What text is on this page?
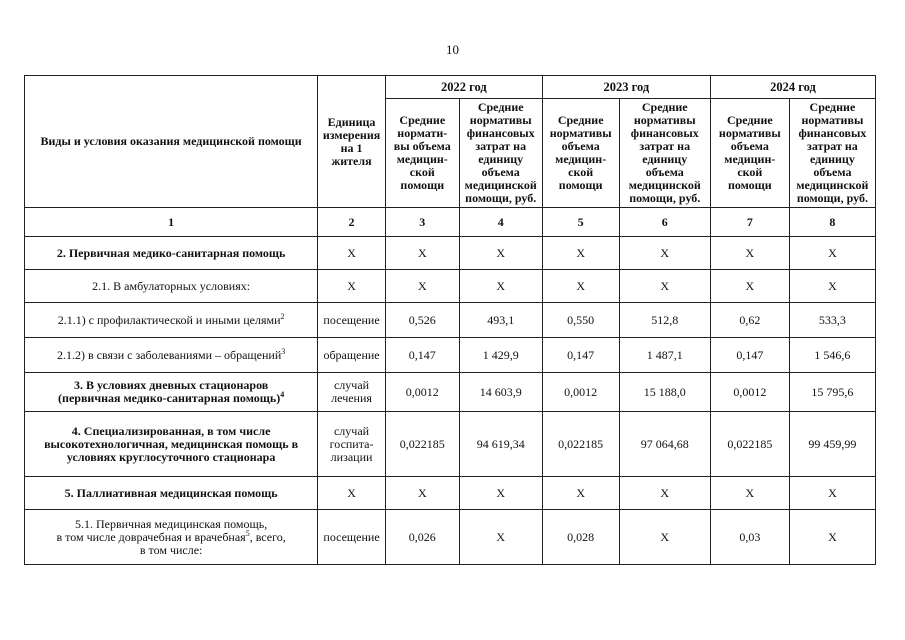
10
Виды и условия оказания медицинской помощи	Единица измерения на 1 жителя	2022 год		2023 год		2024 год	
		Средние нормати-
вы объема медицин-
ской
помощи	Средние нормативы финансовых затрат на единицу объема медицинской помощи, руб.	Средние нормативы объема медицин-
ской
помощи	Средние нормативы финансовых затрат на единицу объема медицинской помощи, руб.	Средние нормативы объема медицин-
ской
помощи	Средние нормативы финансовых затрат на единицу объема медицинской помощи, руб.
1	2	3	4	5	6	7	8
2. Первичная медико-санитарная помощь	Х	Х	Х	Х	Х	Х	Х
2.1. В амбулаторных условиях:	Х	Х	Х	Х	Х	Х	Х
2.1.1) с профилактической и иными целями$^2$	посещение	0,526	493,1	0,550	512,8	0,62	533,3
2.1.2) в связи с заболеваниями – обращений$^3$	обращение	0,147	1 429,9	0,147	1 487,1	0,147	1 546,6
3. В условиях дневных стационаров
(первичная медико-санитарная помощь)$^4$	случай лечения	0,0012	14 603,9	0,0012	15 188,0	0,0012	15 795,6
4. Специализированная, в том числе высокотехнологичная, медицинская помощь в условиях круглосуточного стационара	случай госпита-
лизации	0,022185	94 619,34	0,022185	97 064,68	0,022185	99 459,99
5. Паллиативная медицинская помощь	Х	Х	Х	Х	Х	Х	Х
5.1. Первичная медицинская помощь,
в том числе доврачебная и врачебная$^5$, всего,
в том числе:	посещение	0,026	Х	0,028	Х	0,03	Х
